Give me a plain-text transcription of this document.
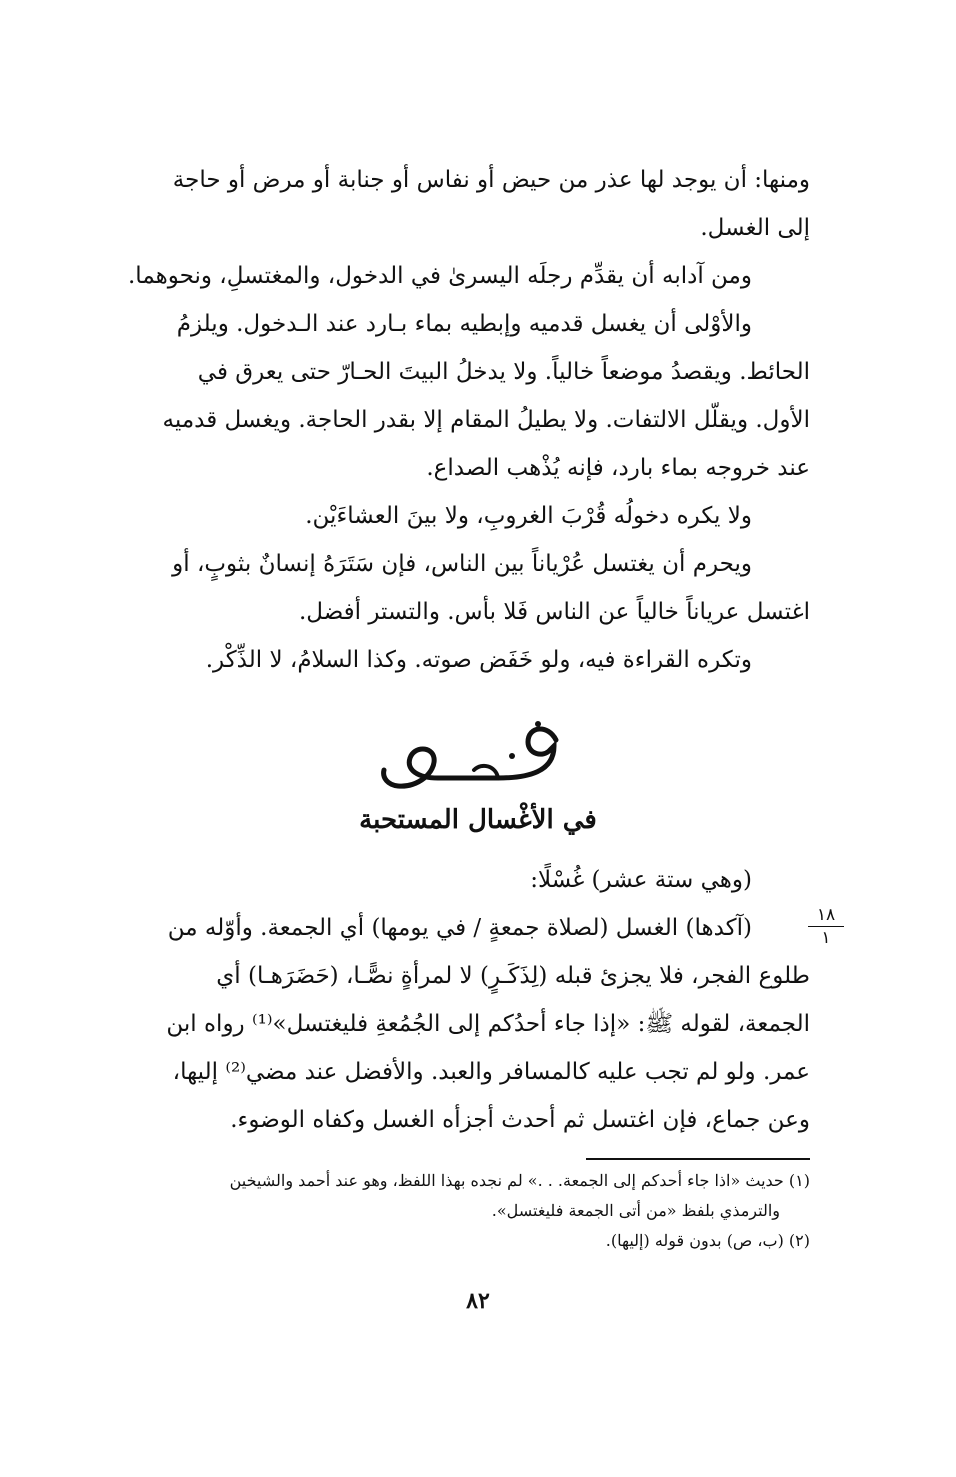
ومنها: أن يوجد لها عذر من حيض أو نفاس أو جنابة أو مرض أو حاجة
إلى الغسل.
ومن آدابه أن يقدِّم رجلَه اليسرىٰ في الدخول، والمغتسلِ، ونحوهما.
والأوْلى أن يغسل قدميه وإبطيه بماء بـارد عند الـدخول. ويلزمُ
الحائط. ويقصدُ موضعاً خالياً. ولا يدخلُ البيتَ الحـارّ حتى يعرق في
الأول. ويقلّل الالتفات. ولا يطيلُ المقام إلا بقدر الحاجة. ويغسل قدميه
عند خروجه بماء بارد، فإنه يُذْهب الصداع.
ولا يكره دخولُه قُرْبَ الغروبِ، ولا بينَ العشاءَيْن.
ويحرم أن يغتسل عُرْياناً بين الناس، فإن سَتَرَهُ إنسانٌ بثوبٍ، أو
اغتسل عرياناً خالياً عن الناس فَلا بأس. والتستر أفضل.
وتكره القراءة فيه، ولو خَفَض صوته. وكذا السلامُ، لا الذِّكْر.
في الأغْسال المستحبة
(وهي ستة عشر) غُسْلًا:
(آكدها) الغسل (لصلاة جمعةٍ / في يومها) أي الجمعة. وأوّله من
طلوع الفجر، فلا يجزئ قبله (لِذَكَـرٍ) لا لمرأةٍ نصًّـا، (حَضَرَهـا) أي
الجمعة، لقوله ﷺ: «إذا جاء أحدُكم إلى الجُمُعةِ فليغتسل»⁽¹⁾ رواه ابن
عمر. ولو لم تجب عليه كالمسافر والعبد. والأفضل عند مضي⁽²⁾ إليها،
وعن جماع، فإن اغتسل ثم أحدث أجزأه الغسل وكفاه الوضوء.
١٨
١
(١) حديث «اذا جاء أحدكم إلى الجمعة. . .» لم نجده بهذا اللفظ، وهو عند أحمد والشيخين
والترمذي بلفظ «من أتى الجمعة فليغتسل».
(٢) (ب، ص) بدون قوله (إليها).
٨٢
